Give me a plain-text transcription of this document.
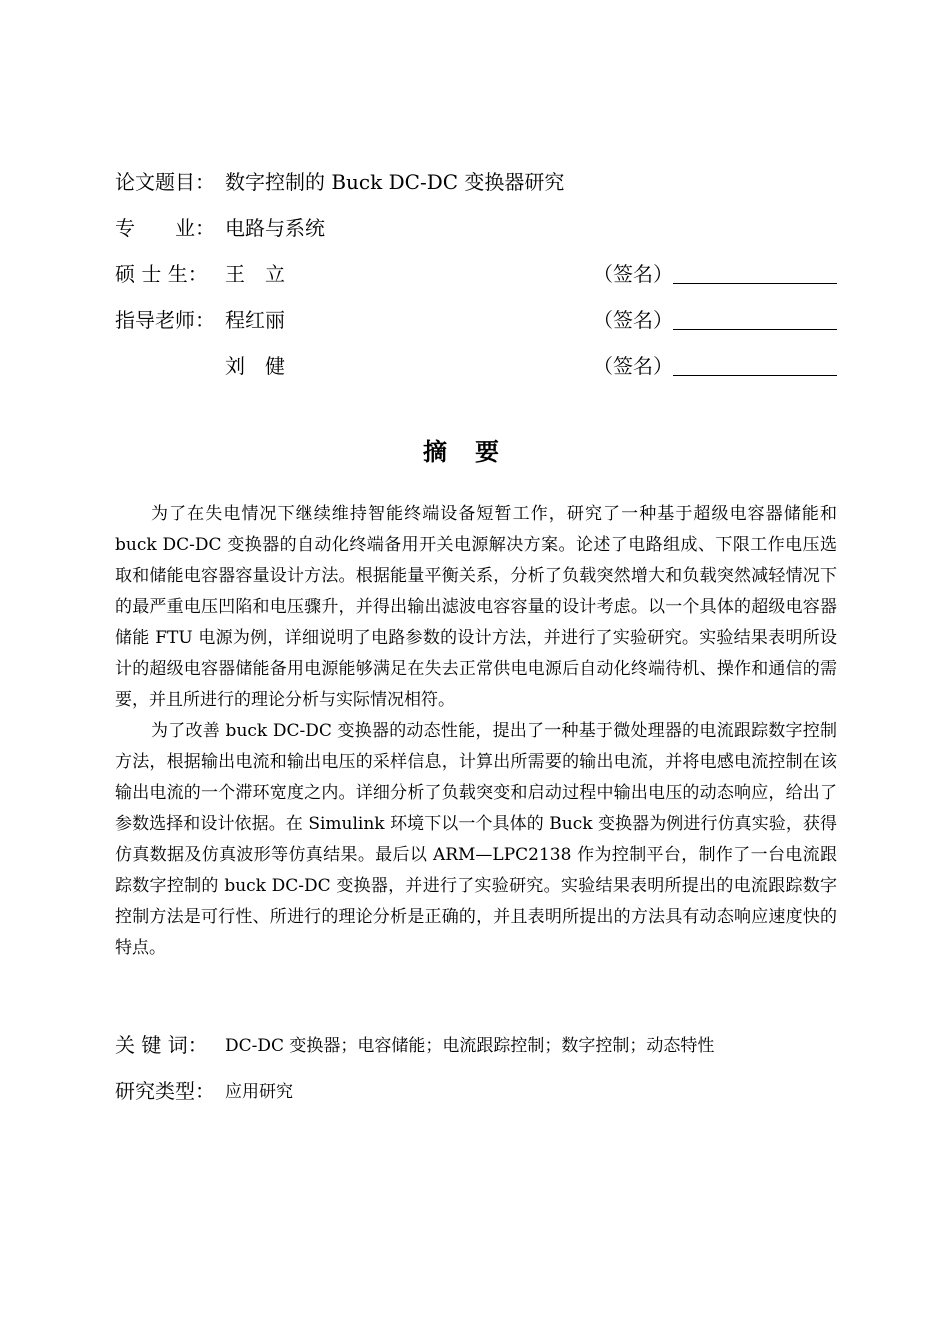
论文题目： 数字控制的 Buck DC-DC 变换器研究
专　　业： 电路与系统
硕 士 生： 王　立	（签名）
指导老师： 程红丽	（签名）
刘　健	（签名）
摘要

为了在失电情况下继续维持智能终端设备短暂工作，研究了一种基于超级电容器储能和 buck DC-DC 变换器的自动化终端备用开关电源解决方案。论述了电路组成、下限工作电压选取和储能电容器容量设计方法。根据能量平衡关系，分析了负载突然增大和负载突然减轻情况下的最严重电压凹陷和电压骤升，并得出输出滤波电容容量的设计考虑。以一个具体的超级电容器储能 FTU 电源为例，详细说明了电路参数的设计方法，并进行了实验研究。实验结果表明所设计的超级电容器储能备用电源能够满足在失去正常供电电源后自动化终端待机、操作和通信的需要，并且所进行的理论分析与实际情况相符。

为了改善 buck DC-DC 变换器的动态性能，提出了一种基于微处理器的电流跟踪数字控制方法，根据输出电流和输出电压的采样信息，计算出所需要的输出电流，并将电感电流控制在该输出电流的一个滞环宽度之内。详细分析了负载突变和启动过程中输出电压的动态响应，给出了参数选择和设计依据。在 Simulink 环境下以一个具体的 Buck 变换器为例进行仿真实验，获得仿真数据及仿真波形等仿真结果。最后以 ARM—LPC2138 作为控制平台，制作了一台电流跟踪数字控制的 buck DC-DC 变换器，并进行了实验研究。实验结果表明所提出的电流跟踪数字控制方法是可行性、所进行的理论分析是正确的，并且表明所提出的方法具有动态响应速度快的特点。

关 键 词： DC-DC 变换器；电容储能；电流跟踪控制；数字控制；动态特性
研究类型： 应用研究
